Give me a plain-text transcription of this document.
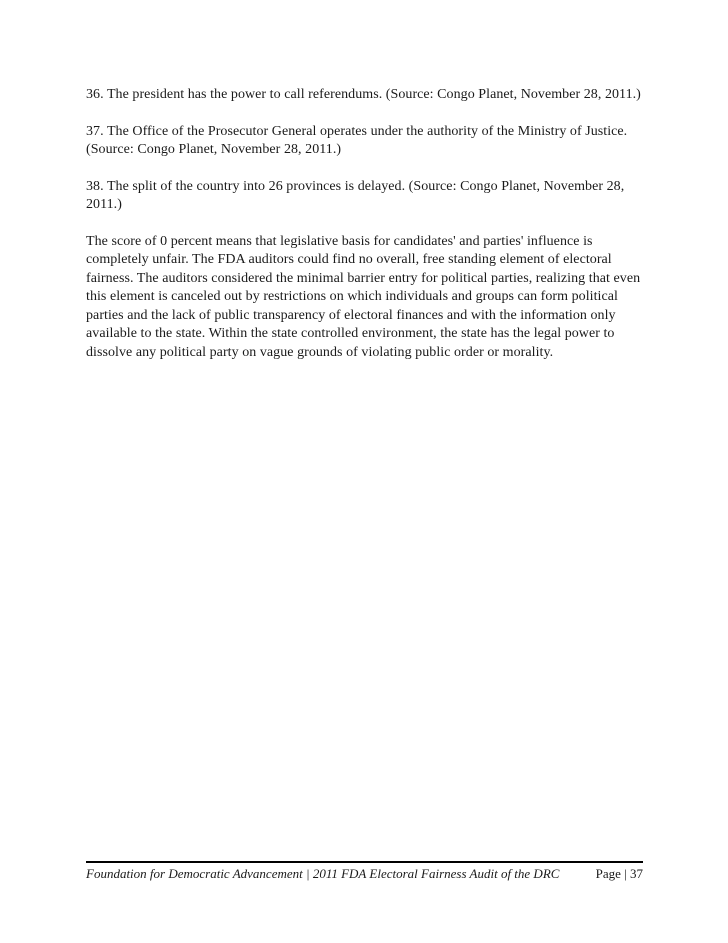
36. The president has the power to call referendums. (Source: Congo Planet, November 28, 2011.)

37. The Office of the Prosecutor General operates under the authority of the Ministry of Justice. (Source: Congo Planet, November 28, 2011.)

38. The split of the country into 26 provinces is delayed. (Source: Congo Planet, November 28, 2011.)

The score of 0 percent means that legislative basis for candidates' and parties' influence is completely unfair. The FDA auditors could find no overall, free standing element of electoral fairness. The auditors considered the minimal barrier entry for political parties, realizing that even this element is canceled out by restrictions on which individuals and groups can form political parties and the lack of public transparency of electoral finances and with the information only available to the state. Within the state controlled environment, the state has the legal power to dissolve any political party on vague grounds of violating public order or morality.

Foundation for Democratic Advancement | 2011 FDA Electoral Fairness Audit of the DRC	Page | 37
